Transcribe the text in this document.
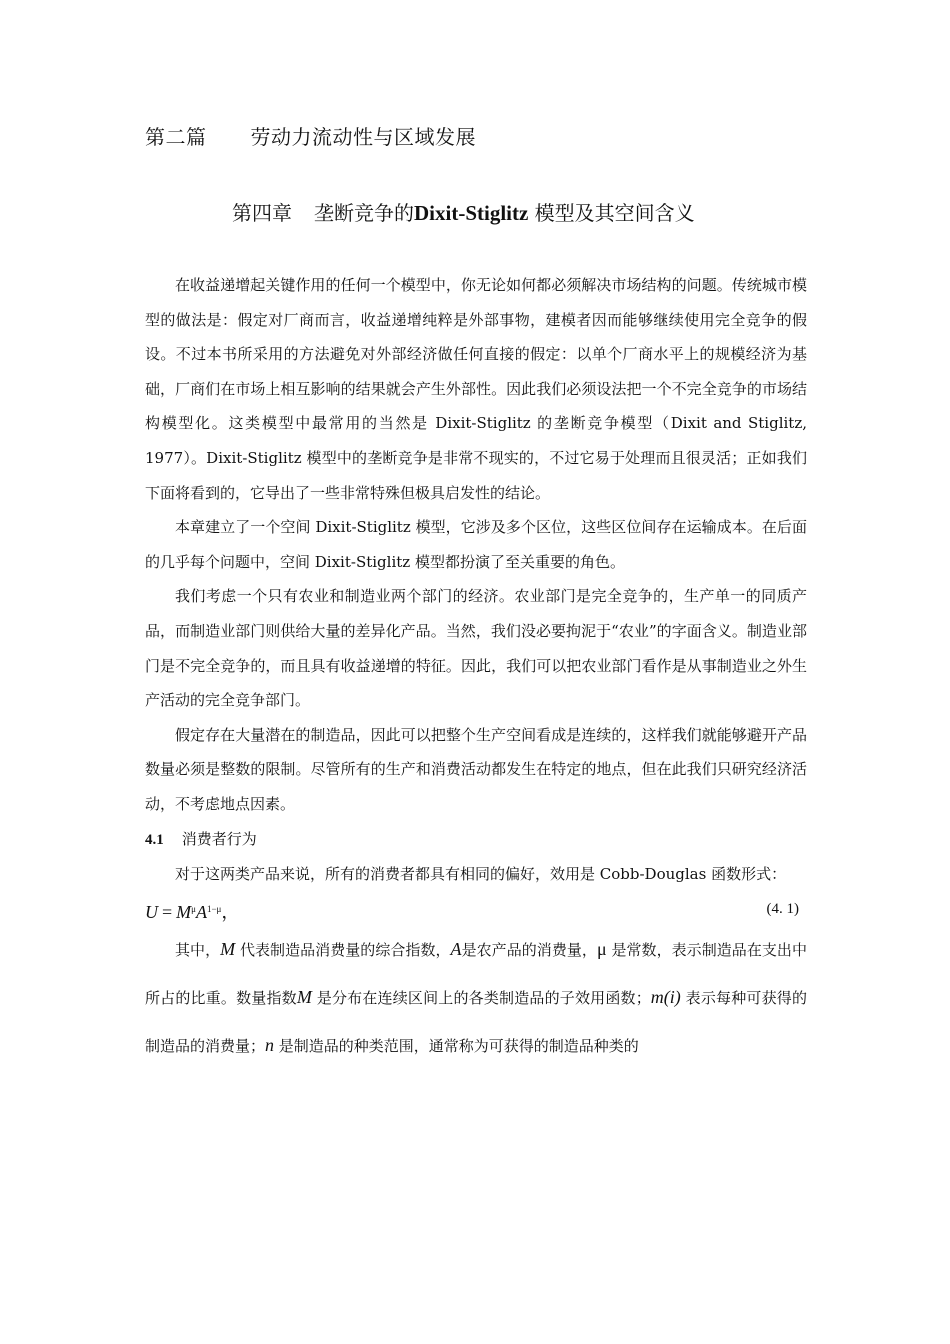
第二篇 劳动力流动性与区域发展
第四章 垄断竞争的Dixit-Stiglitz 模型及其空间含义

在收益递增起关键作用的任何一个模型中，你无论如何都必须解决市场结构的问题。传统城市模型的做法是：假定对厂商而言，收益递增纯粹是外部事物，建模者因而能够继续使用完全竞争的假设。不过本书所采用的方法避免对外部经济做任何直接的假定：以单个厂商水平上的规模经济为基础，厂商们在市场上相互影响的结果就会产生外部性。因此我们必须设法把一个不完全竞争的市场结构模型化。这类模型中最常用的当然是 Dixit-Stiglitz 的垄断竞争模型（Dixit and Stiglitz, 1977）。Dixit-Stiglitz 模型中的垄断竞争是非常不现实的，不过它易于处理而且很灵活；正如我们下面将看到的，它导出了一些非常特殊但极具启发性的结论。

本章建立了一个空间 Dixit-Stiglitz 模型，它涉及多个区位，这些区位间存在运输成本。在后面的几乎每个问题中，空间 Dixit-Stiglitz 模型都扮演了至关重要的角色。

我们考虑一个只有农业和制造业两个部门的经济。农业部门是完全竞争的，生产单一的同质产品，而制造业部门则供给大量的差异化产品。当然，我们没必要拘泥于“农业”的字面含义。制造业部门是不完全竞争的，而且具有收益递增的特征。因此，我们可以把农业部门看作是从事制造业之外生产活动的完全竞争部门。

假定存在大量潜在的制造品，因此可以把整个生产空间看成是连续的，这样我们就能够避开产品数量必须是整数的限制。尽管所有的生产和消费活动都发生在特定的地点，但在此我们只研究经济活动，不考虑地点因素。

4.1 消费者行为

对于这两类产品来说，所有的消费者都具有相同的偏好，效用是 Cobb-Douglas 函数形式：

$U = M^\mu A^{1-\mu}$，	(4. 1)

其中，M 代表制造品消费量的综合指数，A是农产品的消费量，μ 是常数，表示制造品在支出中所占的比重。数量指数M 是分布在连续区间上的各类制造品的子效用函数；m(i) 表示每种可获得的制造品的消费量；n 是制造品的种类范围，通常称为可获得的制造品种类的
